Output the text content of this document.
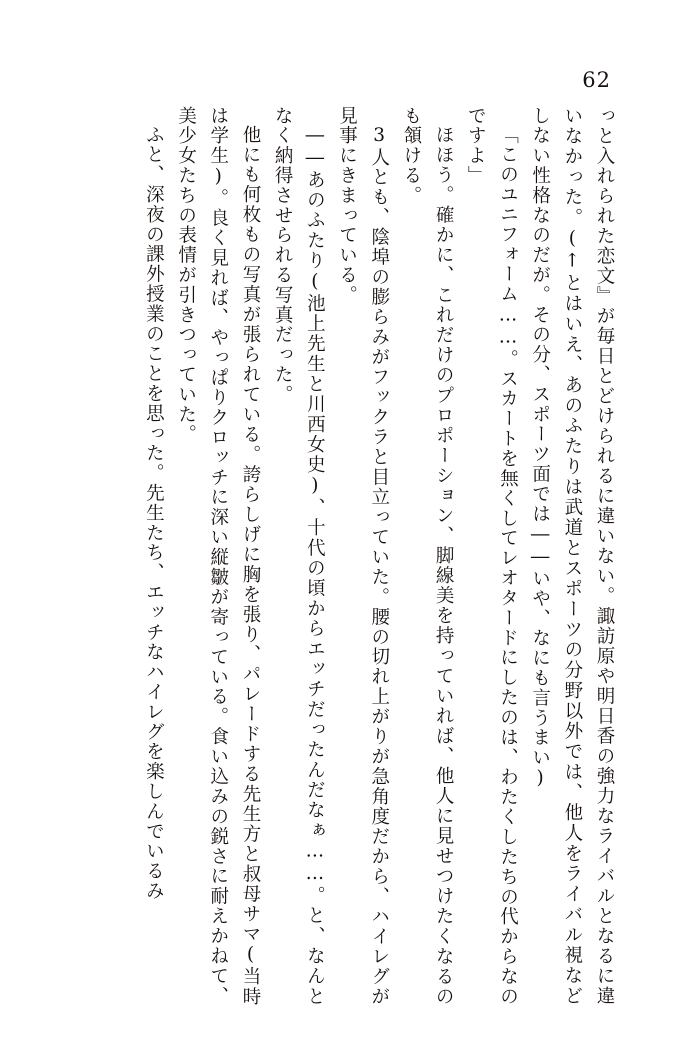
62

っと入れられた恋文』が毎日とどけられるに違いない。諏訪原や明日香の強力なライバルとなるに違いなかった。(↑とはいえ、あのふたりは武道とスポーツの分野以外では、他人をライバル視などしない性格なのだが。その分、スポーツ面では――いや、なにも言うまい)

「このユニフォーム……。スカートを無くしてレオタードにしたのは、わたくしたちの代からなのですよ」

ほほう。確かに、これだけのプロポーション、脚線美を持っていれば、他人に見せつけたくなるのも頷ける。

3人とも、陰埠の膨らみがフックラと目立っていた。腰の切れ上がりが急角度だから、ハイレグが見事にきまっている。

――あのふたり(池上先生と川西女史)、十代の頃からエッチだったんだなぁ……。と、なんとなく納得させられる写真だった。

他にも何枚もの写真が張られている。誇らしげに胸を張り、パレードする先生方と叔母サマ(当時は学生)。良く見れば、やっぱりクロッチに深い縦皺が寄っている。食い込みの鋭さに耐えかねて、美少女たちの表情が引きつっていた。

ふと、深夜の課外授業のことを思った。先生たち、エッチなハイレグを楽しんでいるみ
